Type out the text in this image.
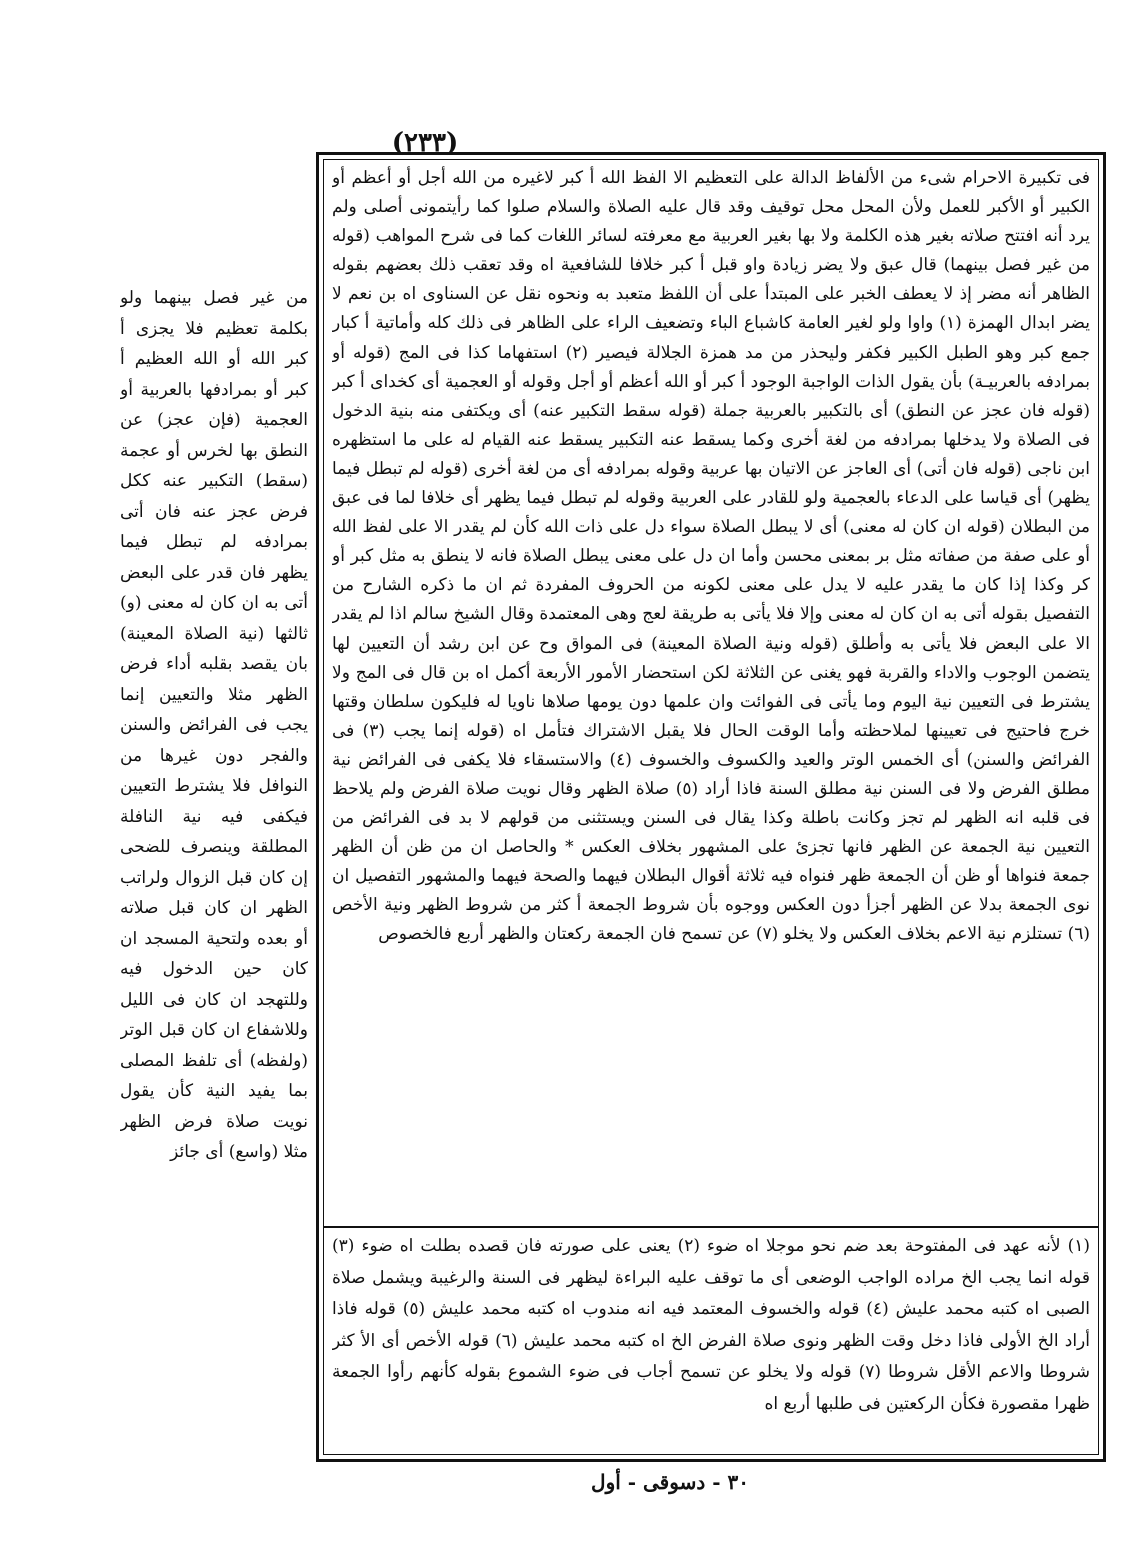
(٢٣٣)

فى تكبيرة الاحرام شىء من الألفاظ الدالة على التعظيم الا الفظ الله أ كبر لاغيره من الله أجل أو أعظم أو الكبير أو الأكبر للعمل ولأن المحل محل توقيف وقد قال عليه الصلاة والسلام صلوا كما رأيتمونى أصلى ولم يرد أنه افتتح صلاته بغير هذه الكلمة ولا بها بغير العربية مع معرفته لسائر اللغات كما فى شرح المواهب (قوله من غير فصل بينهما) قال عبق ولا يضر زيادة واو قبل أ كبر خلافا للشافعية اه وقد تعقب ذلك بعضهم بقوله الظاهر أنه مضر إذ لا يعطف الخبر على المبتدأ على أن اللفظ متعبد به ونحوه نقل عن السناوى اه بن نعم لا يضر ابدال الهمزة (١) واوا ولو لغير العامة كاشباع الباء وتضعيف الراء على الظاهر فى ذلك كله وأماتية أ كبار جمع كبر وهو الطبل الكبير فكفر وليحذر من مد همزة الجلالة فيصير (٢) استفهاما كذا فى المج (قوله أو بمرادفه بالعربيـة) بأن يقول الذات الواجبة الوجود أ كبر أو الله أعظم أو أجل وقوله أو العجمية أى كخداى أ كبر (قوله فان عجز عن النطق) أى بالتكبير بالعربية جملة (قوله سقط التكبير عنه) أى ويكتفى منه بنية الدخول فى الصلاة ولا يدخلها بمرادفه من لغة أخرى وكما يسقط عنه التكبير يسقط عنه القيام له على ما استظهره ابن ناجى (قوله فان أتى) أى العاجز عن الاتيان بها عربية وقوله بمرادفه أى من لغة أخرى (قوله لم تبطل فيما يظهر) أى قياسا على الدعاء بالعجمية ولو للقادر على العربية وقوله لم تبطل فيما يظهر أى خلافا لما فى عبق من البطلان (قوله ان كان له معنى) أى لا يبطل الصلاة سواء دل على ذات الله كأن لم يقدر الا على لفظ الله أو على صفة من صفاته مثل بر بمعنى محسن وأما ان دل على معنى يبطل الصلاة فانه لا ينطق به مثل كبر أو كر وكذا إذا كان ما يقدر عليه لا يدل على معنى لكونه من الحروف المفردة ثم ان ما ذكره الشارح من التفصيل بقوله أتى به ان كان له معنى وإلا فلا يأتى به طريقة لعج وهى المعتمدة وقال الشيخ سالم اذا لم يقدر الا على البعض فلا يأتى به وأطلق (قوله ونية الصلاة المعينة) فى المواق وح عن ابن رشد أن التعيين لها يتضمن الوجوب والاداء والقربة فهو يغنى عن الثلاثة لكن استحضار الأمور الأربعة أكمل اه بن قال فى المج ولا يشترط فى التعيين نية اليوم وما يأتى فى الفوائت وان علمها دون يومها صلاها ناويا له فليكون سلطان وقتها خرج فاحتيج فى تعيينها لملاحظته وأما الوقت الحال فلا يقبل الاشتراك فتأمل اه (قوله إنما يجب (٣) فى الفرائض والسنن) أى الخمس الوتر والعيد والكسوف والخسوف (٤) والاستسقاء فلا يكفى فى الفرائض نية مطلق الفرض ولا فى السنن نية مطلق السنة فاذا أراد (٥) صلاة الظهر وقال نويت صلاة الفرض ولم يلاحظ فى قلبه انه الظهر لم تجز وكانت باطلة وكذا يقال فى السنن ويستثنى من قولهم لا بد فى الفرائض من التعيين نية الجمعة عن الظهر فانها تجزئ على المشهور بخلاف العكس * والحاصل ان من ظن أن الظهر جمعة فنواها أو ظن أن الجمعة ظهر فنواه فيه ثلاثة أقوال البطلان فيهما والصحة فيهما والمشهور التفصيل ان نوى الجمعة بدلا عن الظهر أجزأ دون العكس ووجوه بأن شروط الجمعة أ كثر من شروط الظهر ونية الأخص (٦) تستلزم نية الاعم بخلاف العكس ولا يخلو (٧) عن تسمح فان الجمعة ركعتان والظهر أربع فالخصوص

(١) لأنه عهد فى المفتوحة بعد ضم نحو موجلا اه ضوء (٢) يعنى على صورته فان قصده بطلت اه ضوء (٣) قوله انما يجب الخ مراده الواجب الوضعى أى ما توقف عليه البراءة ليظهر فى السنة والرغيبة ويشمل صلاة الصبى اه كتبه محمد عليش (٤) قوله والخسوف المعتمد فيه انه مندوب اه كتبه محمد عليش (٥) قوله فاذا أراد الخ الأولى فاذا دخل وقت الظهر ونوى صلاة الفرض الخ اه كتبه محمد عليش (٦) قوله الأخص أى الأ كثر شروطا والاعم الأقل شروطا (٧) قوله ولا يخلو عن تسمح أجاب فى ضوء الشموع بقوله كأنهم رأوا الجمعة ظهرا مقصورة فكأن الركعتين فى طلبها أربع اه

من غير فصل بينهما ولو بكلمة تعظيم فلا يجزى أ كبر الله أو الله العظيم أ كبر أو بمرادفها بالعربية أو العجمية (فإن عجز) عن النطق بها لخرس أو عجمة (سقط) التكبير عنه ككل فرض عجز عنه فان أتى بمرادفه لم تبطل فيما يظهر فان قدر على البعض أتى به ان كان له معنى (و) ثالثها (نية الصلاة المعينة) بان يقصد بقلبه أداء فرض الظهر مثلا والتعيين إنما يجب فى الفرائض والسنن والفجر دون غيرها من النوافل فلا يشترط التعيين فيكفى فيه نية النافلة المطلقة وينصرف للضحى إن كان قبل الزوال ولراتب الظهر ان كان قبل صلاته أو بعده ولتحية المسجد ان كان حين الدخول فيه وللتهجد ان كان فى الليل وللاشفاع ان كان قبل الوتر (ولفظه) أى تلفظ المصلى بما يفيد النية كأن يقول نويت صلاة فرض الظهر مثلا (واسع) أى جائز

٣٠ - دسوقى - أول
